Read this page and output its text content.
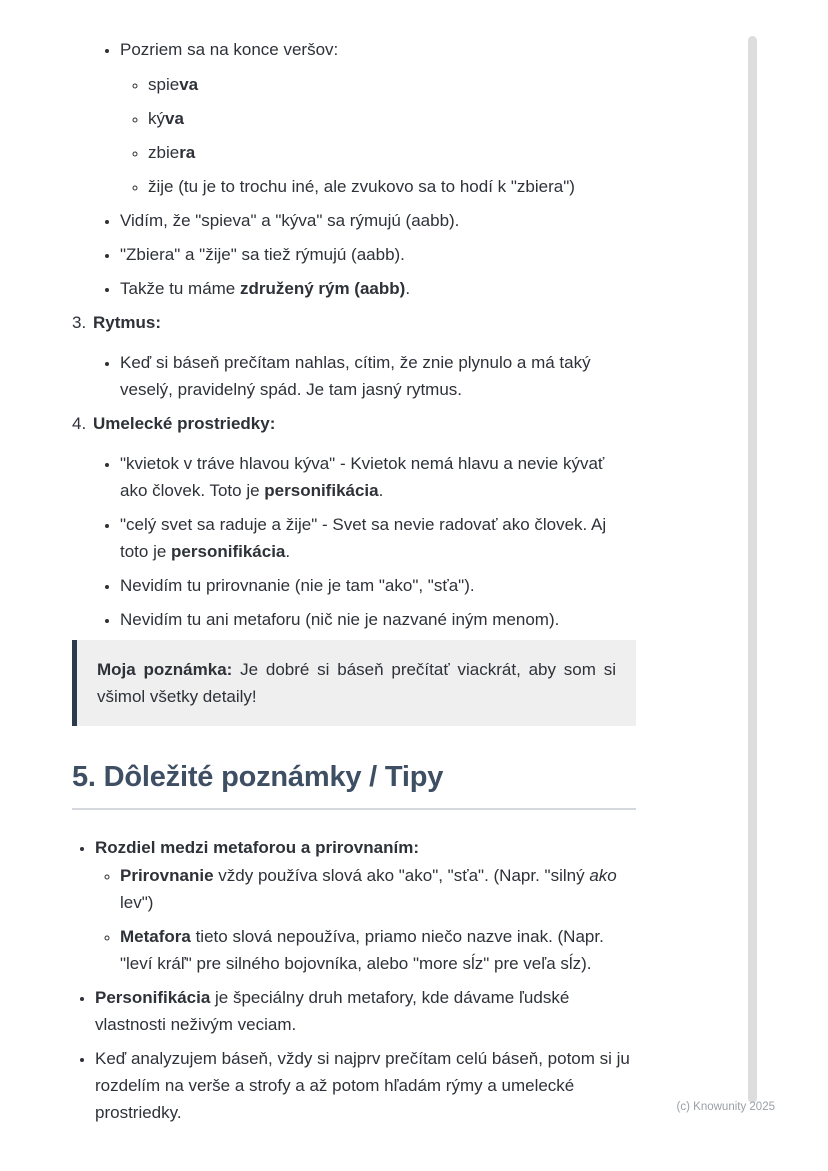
• Pozriem sa na konce veršov:

◦ spieva

◦ kýva

◦ zbiera

◦ žije (tu je to trochu iné, ale zvukovo sa to hodí k "zbiera")

• Vidím, že "spieva" a "kýva" sa rýmujú (aabb).

• "Zbiera" a "žije" sa tiež rýmujú (aabb).

• Takže tu máme združený rým (aabb).

3. Rytmus:

• Keď si báseň prečítam nahlas, cítim, že znie plynulo a má taký veselý, pravidelný spád. Je tam jasný rytmus.

4. Umelecké prostriedky:

• "kvietok v tráve hlavou kýva" - Kvietok nemá hlavu a nevie kývať ako človek. Toto je personifikácia.

• "celý svet sa raduje a žije" - Svet sa nevie radovať ako človek. Aj toto je personifikácia.

• Nevidím tu prirovnanie (nie je tam "ako", "sťa").

• Nevidím tu ani metaforu (nič nie je nazvané iným menom).

Moja poznámka: Je dobré si báseň prečítať viackrát, aby som si všimol všetky detaily!

5. Dôležité poznámky / Tipy

• Rozdiel medzi metaforou a prirovnaním:

◦ Prirovnanie vždy používa slová ako "ako", "sťa". (Napr. "silný ako lev")

◦ Metafora tieto slová nepoužíva, priamo niečo nazve inak. (Napr. "leví kráľ" pre silného bojovníka, alebo "more sĺz" pre veľa sĺz).

• Personifikácia je špeciálny druh metafory, kde dávame ľudské vlastnosti neživým veciam.

• Keď analyzujem báseň, vždy si najprv prečítam celú báseň, potom si ju rozdelím na verše a strofy a až potom hľadám rýmy a umelecké prostriedky.	(c) Knowunity 2025
